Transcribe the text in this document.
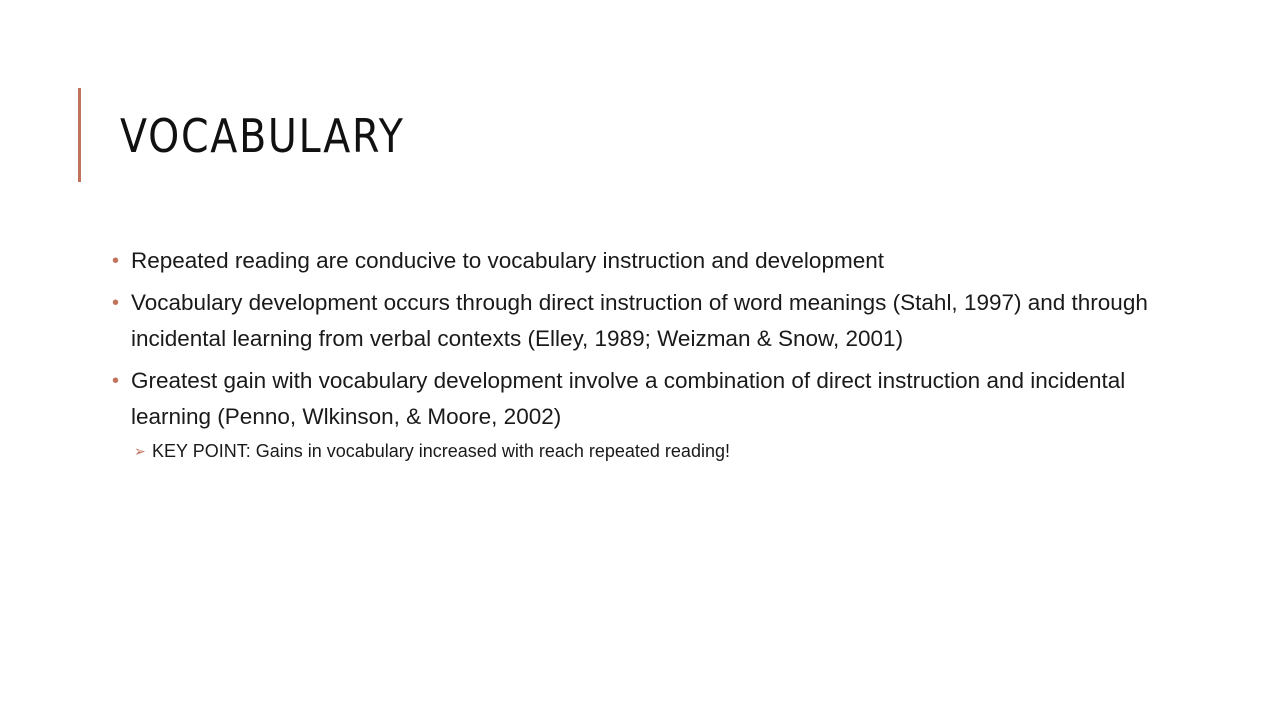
VOCABULARY
• Repeated reading are conducive to vocabulary instruction and development
• Vocabulary development occurs through direct instruction of word meanings (Stahl, 1997) and through incidental learning from verbal contexts (Elley, 1989; Weizman & Snow, 2001)
• Greatest gain with vocabulary development involve a combination of direct instruction and incidental learning (Penno, Wlkinson, & Moore, 2002)
➢ KEY POINT: Gains in vocabulary increased with reach repeated reading!
